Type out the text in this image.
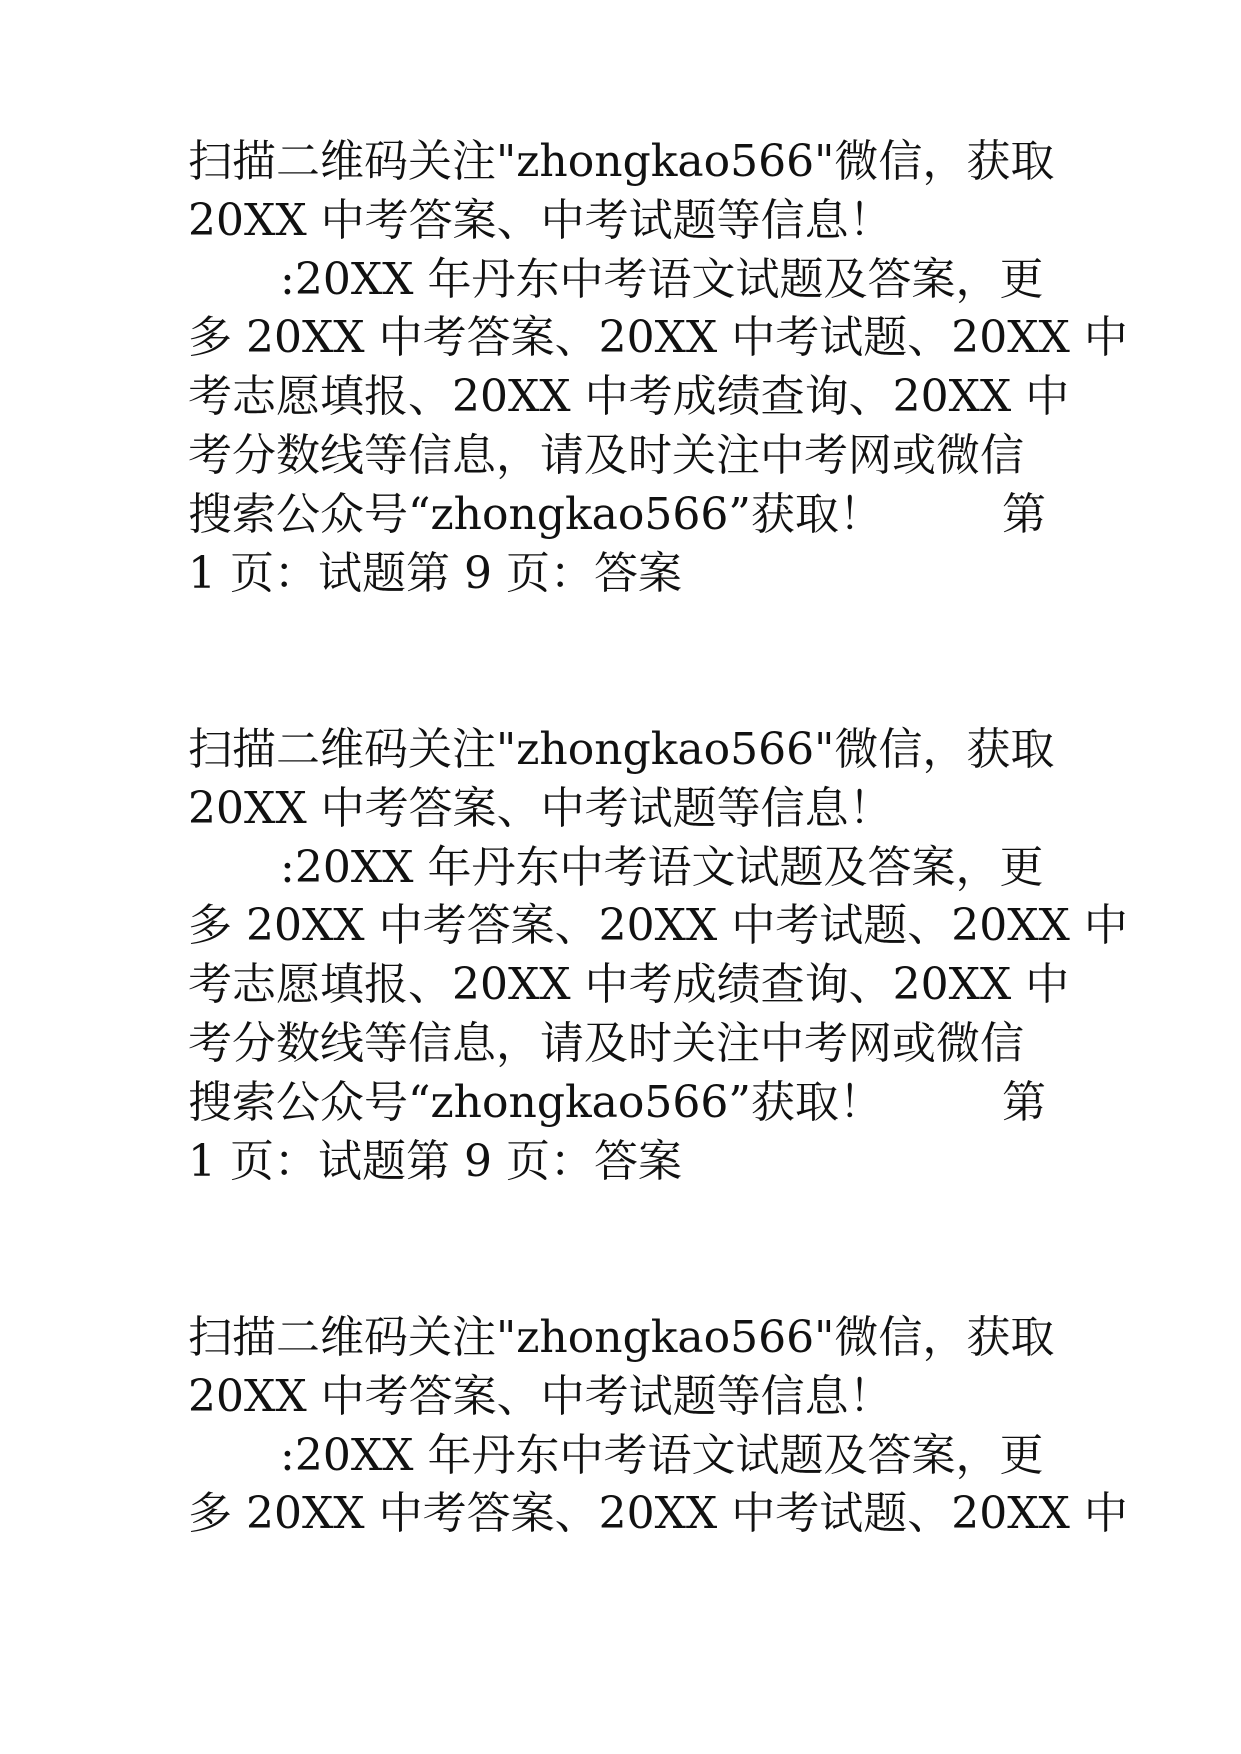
扫描二维码关注"zhongkao566"微信，获取
20XX 中考答案、中考试题等信息！
:20XX 年丹东中考语文试题及答案，更
多 20XX 中考答案、20XX 中考试题、20XX 中
考志愿填报、20XX 中考成绩查询、20XX 中
考分数线等信息，请及时关注中考网或微信
搜索公众号“zhongkao566”获取！	第
1 页：试题第 9 页：答案
扫描二维码关注"zhongkao566"微信，获取
20XX 中考答案、中考试题等信息！
:20XX 年丹东中考语文试题及答案，更
多 20XX 中考答案、20XX 中考试题、20XX 中
考志愿填报、20XX 中考成绩查询、20XX 中
考分数线等信息，请及时关注中考网或微信
搜索公众号“zhongkao566”获取！	第
1 页：试题第 9 页：答案
扫描二维码关注"zhongkao566"微信，获取
20XX 中考答案、中考试题等信息！
:20XX 年丹东中考语文试题及答案，更
多 20XX 中考答案、20XX 中考试题、20XX 中
